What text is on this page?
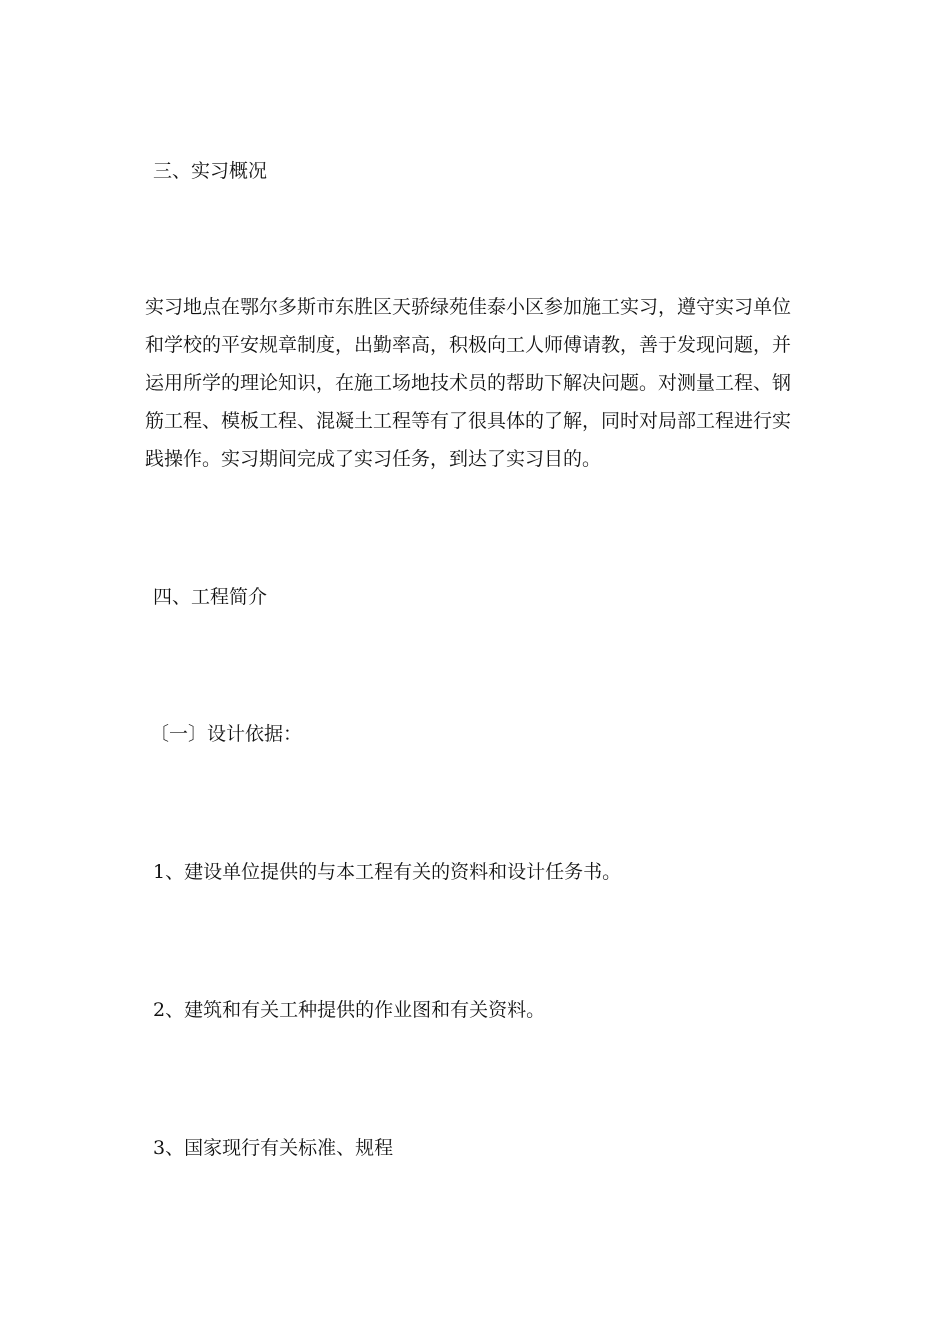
三、实习概况
实习地点在鄂尔多斯市东胜区天骄绿苑佳泰小区参加施工实习，遵守实习单位
和学校的平安规章制度，出勤率高，积极向工人师傅请教，善于发现问题，并
运用所学的理论知识，在施工场地技术员的帮助下解决问题。对测量工程、钢
筋工程、模板工程、混凝土工程等有了很具体的了解，同时对局部工程进行实
践操作。实习期间完成了实习任务，到达了实习目的。
四、工程简介
〔一〕设计依据：
1、建设单位提供的与本工程有关的资料和设计任务书。
2、建筑和有关工种提供的作业图和有关资料。
3、国家现行有关标准、规程
